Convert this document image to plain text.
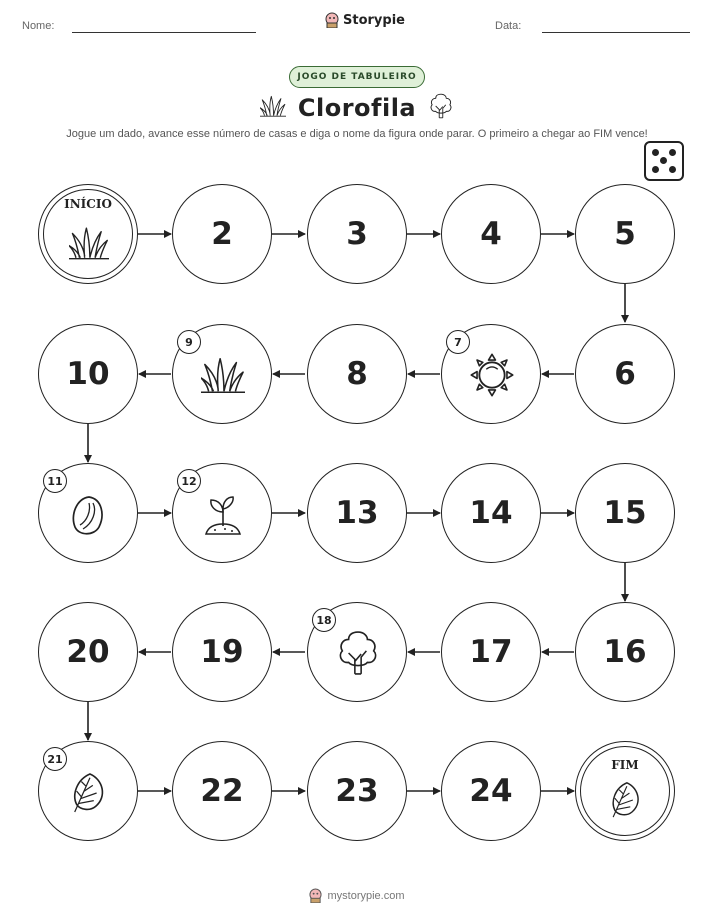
Nome:	Storypie	Data:
JOGO DE TABULEIRO
Clorofila
Jogue um dado, avance esse número de casas e diga o nome da figura onde parar. O primeiro a chegar ao FIM vence!
INÍCIO
2	3	4	5
10
9
8
7
6
11	12
13	14	15
20	19
18
17	16
21
22	23	24
FIM
mystorypie.com
